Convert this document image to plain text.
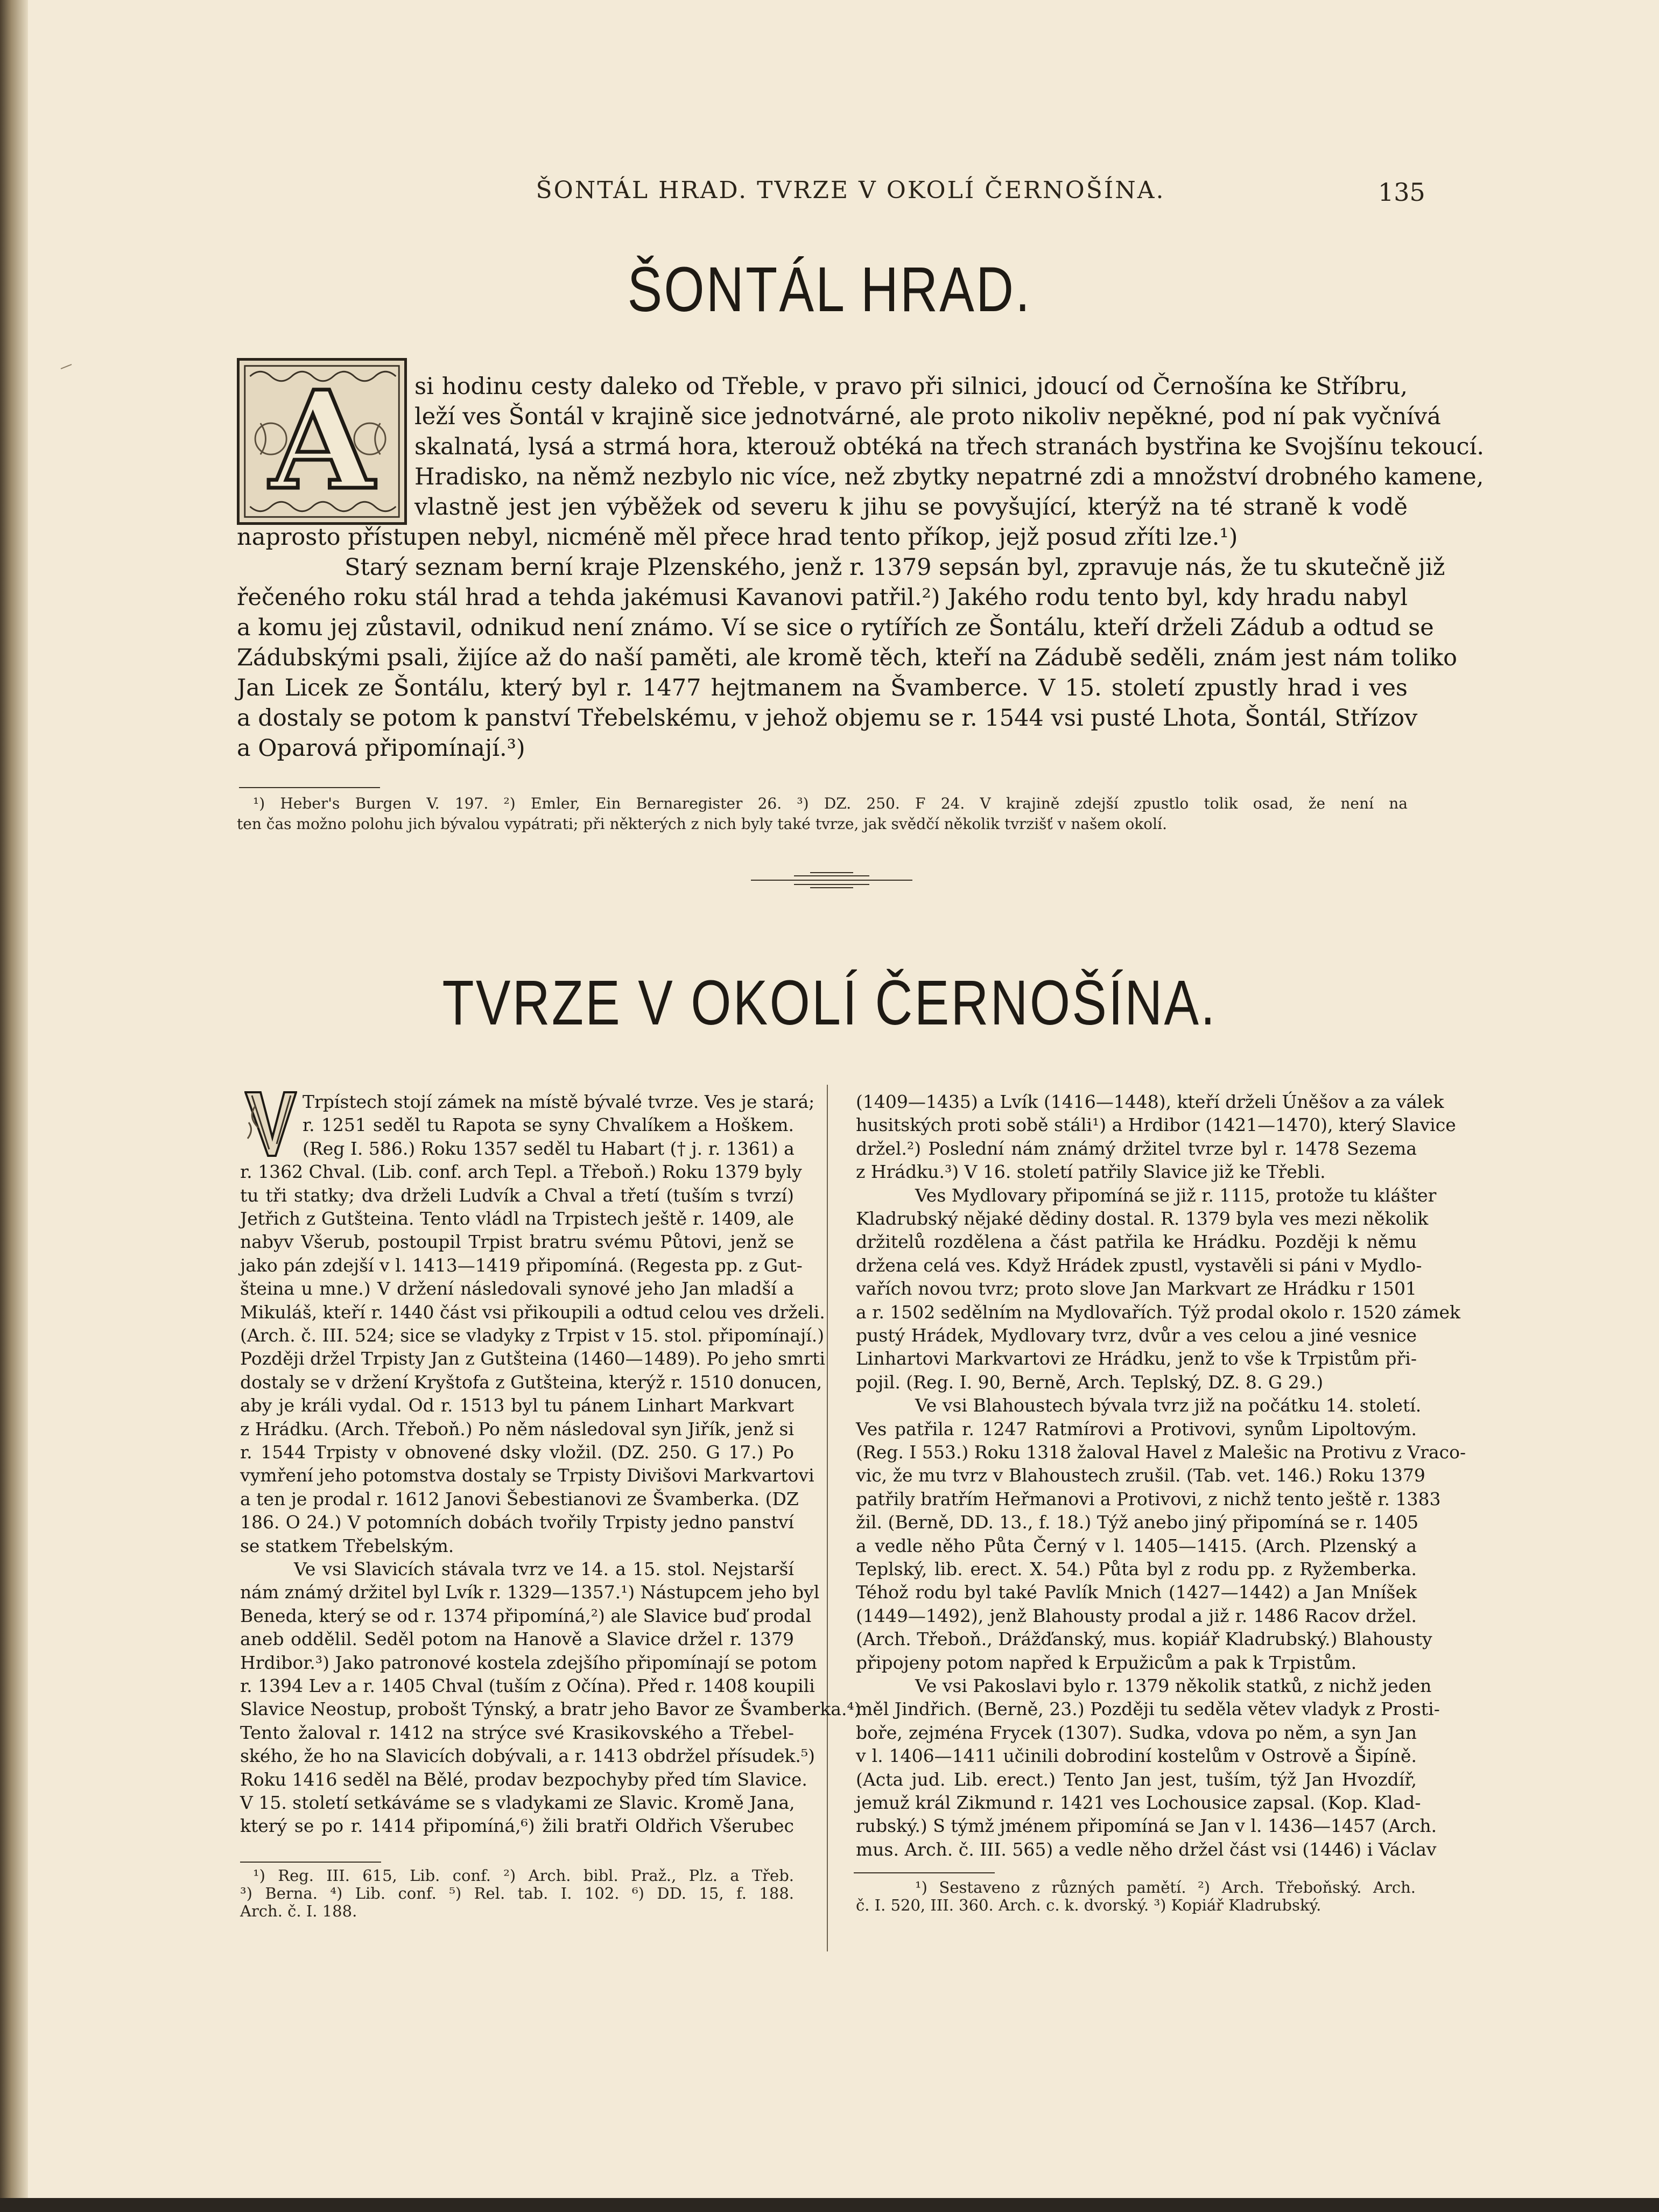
ŠONTÁL HRAD. TVRZE V OKOLÍ ČERNOŠÍNA.	135
ŠONTÁL HRAD.
A	si hodinu cesty daleko od Třeble, v pravo při silnici, jdoucí od Černošína ke Stříbru,
leží ves Šontál v krajině sice jednotvárné, ale proto nikoliv nepěkné, pod ní pak vyčnívá
skalnatá, lysá a strmá hora, kterouž obtéká na třech stranách bystřina ke Svojšínu tekoucí.
Hradisko, na němž nezbylo nic více, než zbytky nepatrné zdi a množství drobného kamene,
vlastně jest jen výběžek od severu k jihu se povyšující, kterýž na té straně k vodě
naprosto přístupen nebyl, nicméně měl přece hrad tento příkop, jejž posud zříti lze.¹)
Starý seznam berní kraje Plzenského, jenž r. 1379 sepsán byl, zpravuje nás, že tu skutečně již
řečeného roku stál hrad a tehda jakémusi Kavanovi patřil.²) Jakého rodu tento byl, kdy hradu nabyl
a komu jej zůstavil, odnikud není známo. Ví se sice o rytířích ze Šontálu, kteří drželi Zádub a odtud se
Zádubskými psali, žijíce až do naší paměti, ale kromě těch, kteří na Zádubě seděli, znám jest nám toliko
Jan Licek ze Šontálu, který byl r. 1477 hejtmanem na Švamberce. V 15. století zpustly hrad i ves
a dostaly se potom k panství Třebelskému, v jehož objemu se r. 1544 vsi pusté Lhota, Šontál, Střízov
a Oparová připomínají.³)
¹) Heber's Burgen V. 197. ²) Emler, Ein Bernaregister 26. ³) DZ. 250. F 24. V krajině zdejší zpustlo tolik osad, že není na
ten čas možno polohu jich bývalou vypátrati; při některých z nich byly také tvrze, jak svědčí několik tvrzišť v našem okolí.
TVRZE V OKOLÍ ČERNOŠÍNA.
Trpístech stojí zámek na místě bývalé tvrze. Ves je stará;
r. 1251 seděl tu Rapota se syny Chvalíkem a Hoškem.
(Reg I. 586.) Roku 1357 seděl tu Habart († j. r. 1361) a
r. 1362 Chval. (Lib. conf. arch Tepl. a Třeboň.) Roku 1379 byly
tu tři statky; dva drželi Ludvík a Chval a třetí (tuším s tvrzí)
Jetřich z Gutšteina. Tento vládl na Trpistech ještě r. 1409, ale
nabyv Všerub, postoupil Trpist bratru svému Půtovi, jenž se
jako pán zdejší v l. 1413—1419 připomíná. (Regesta pp. z Gut-
šteina u mne.) V držení následovali synové jeho Jan mladší a
Mikuláš, kteří r. 1440 část vsi přikoupili a odtud celou ves drželi.
(Arch. č. III. 524; sice se vladyky z Trpist v 15. stol. připomínají.)
Později držel Trpisty Jan z Gutšteina (1460—1489). Po jeho smrti
dostaly se v držení Kryštofa z Gutšteina, kterýž r. 1510 donucen,
aby je králi vydal. Od r. 1513 byl tu pánem Linhart Markvart
z Hrádku. (Arch. Třeboň.) Po něm následoval syn Jiřík, jenž si
r. 1544 Trpisty v obnovené dsky vložil. (DZ. 250. G 17.) Po
vymření jeho potomstva dostaly se Trpisty Divišovi Markvartovi
a ten je prodal r. 1612 Janovi Šebestianovi ze Švamberka. (DZ
186. O 24.) V potomních dobách tvořily Trpisty jedno panství
se statkem Třebelským.
Ve vsi Slavicích stávala tvrz ve 14. a 15. stol. Nejstarší
nám známý držitel byl Lvík r. 1329—1357.¹) Nástupcem jeho byl
Beneda, který se od r. 1374 připomíná,²) ale Slavice buď prodal
aneb oddělil. Seděl potom na Hanově a Slavice držel r. 1379
Hrdibor.³) Jako patronové kostela zdejšího připomínají se potom
r. 1394 Lev a r. 1405 Chval (tuším z Očína). Před r. 1408 koupili
Slavice Neostup, probošt Týnský, a bratr jeho Bavor ze Švamberka.⁴)
Tento žaloval r. 1412 na strýce své Krasikovského a Třebel-
ského, že ho na Slavicích dobývali, a r. 1413 obdržel přísudek.⁵)
Roku 1416 seděl na Bělé, prodav bezpochyby před tím Slavice.
V 15. století setkáváme se s vladykami ze Slavic. Kromě Jana,
který se po r. 1414 připomíná,⁶) žili bratři Oldřich Všerubec
(1409—1435) a Lvík (1416—1448), kteří drželi Úněšov a za válek
husitských proti sobě stáli¹) a Hrdibor (1421—1470), který Slavice
držel.²) Poslední nám známý držitel tvrze byl r. 1478 Sezema
z Hrádku.³) V 16. století patřily Slavice již ke Třebli.
Ves Mydlovary připomíná se již r. 1115, protože tu klášter
Kladrubský nějaké dědiny dostal. R. 1379 byla ves mezi několik
držitelů rozdělena a část patřila ke Hrádku. Později k němu
držena celá ves. Když Hrádek zpustl, vystavěli si páni v Mydlo-
vařích novou tvrz; proto slove Jan Markvart ze Hrádku r 1501
a r. 1502 sedělním na Mydlovařích. Týž prodal okolo r. 1520 zámek
pustý Hrádek, Mydlovary tvrz, dvůr a ves celou a jiné vesnice
Linhartovi Markvartovi ze Hrádku, jenž to vše k Trpistům při-
pojil. (Reg. I. 90, Berně, Arch. Teplský, DZ. 8. G 29.)
Ve vsi Blahoustech bývala tvrz již na počátku 14. století.
Ves patřila r. 1247 Ratmírovi a Protivovi, synům Lipoltovým.
(Reg. I 553.) Roku 1318 žaloval Havel z Malešic na Protivu z Vraco-
vic, že mu tvrz v Blahoustech zrušil. (Tab. vet. 146.) Roku 1379
patřily bratřím Heřmanovi a Protivovi, z nichž tento ještě r. 1383
žil. (Berně, DD. 13., f. 18.) Týž anebo jiný připomíná se r. 1405
a vedle něho Půta Černý v l. 1405—1415. (Arch. Plzenský a
Teplský, lib. erect. X. 54.) Půta byl z rodu pp. z Ryžemberka.
Téhož rodu byl také Pavlík Mnich (1427—1442) a Jan Mníšek
(1449—1492), jenž Blahousty prodal a již r. 1486 Racov držel.
(Arch. Třeboň., Drážďanský, mus. kopiář Kladrubský.) Blahousty
připojeny potom napřed k Erpužicům a pak k Trpistům.
Ve vsi Pakoslavi bylo r. 1379 několik statků, z nichž jeden
měl Jindřich. (Berně, 23.) Později tu seděla větev vladyk z Prosti-
boře, zejména Frycek (1307). Sudka, vdova po něm, a syn Jan
v l. 1406—1411 učinili dobrodiní kostelům v Ostrově a Šipíně.
(Acta jud. Lib. erect.) Tento Jan jest, tuším, týž Jan Hvozdíř,
jemuž král Zikmund r. 1421 ves Lochousice zapsal. (Kop. Klad-
rubský.) S týmž jménem připomíná se Jan v l. 1436—1457 (Arch.
mus. Arch. č. III. 565) a vedle něho držel část vsi (1446) i Václav
¹) Reg. III. 615, Lib. conf. ²) Arch. bibl. Praž., Plz. a Třeb.
³) Berna. ⁴) Lib. conf. ⁵) Rel. tab. I. 102. ⁶) DD. 15, f. 188.
Arch. č. I. 188.
¹) Sestaveno z různých pamětí. ²) Arch. Třeboňský. Arch.
č. I. 520, III. 360. Arch. c. k. dvorský. ³) Kopiář Kladrubský.
